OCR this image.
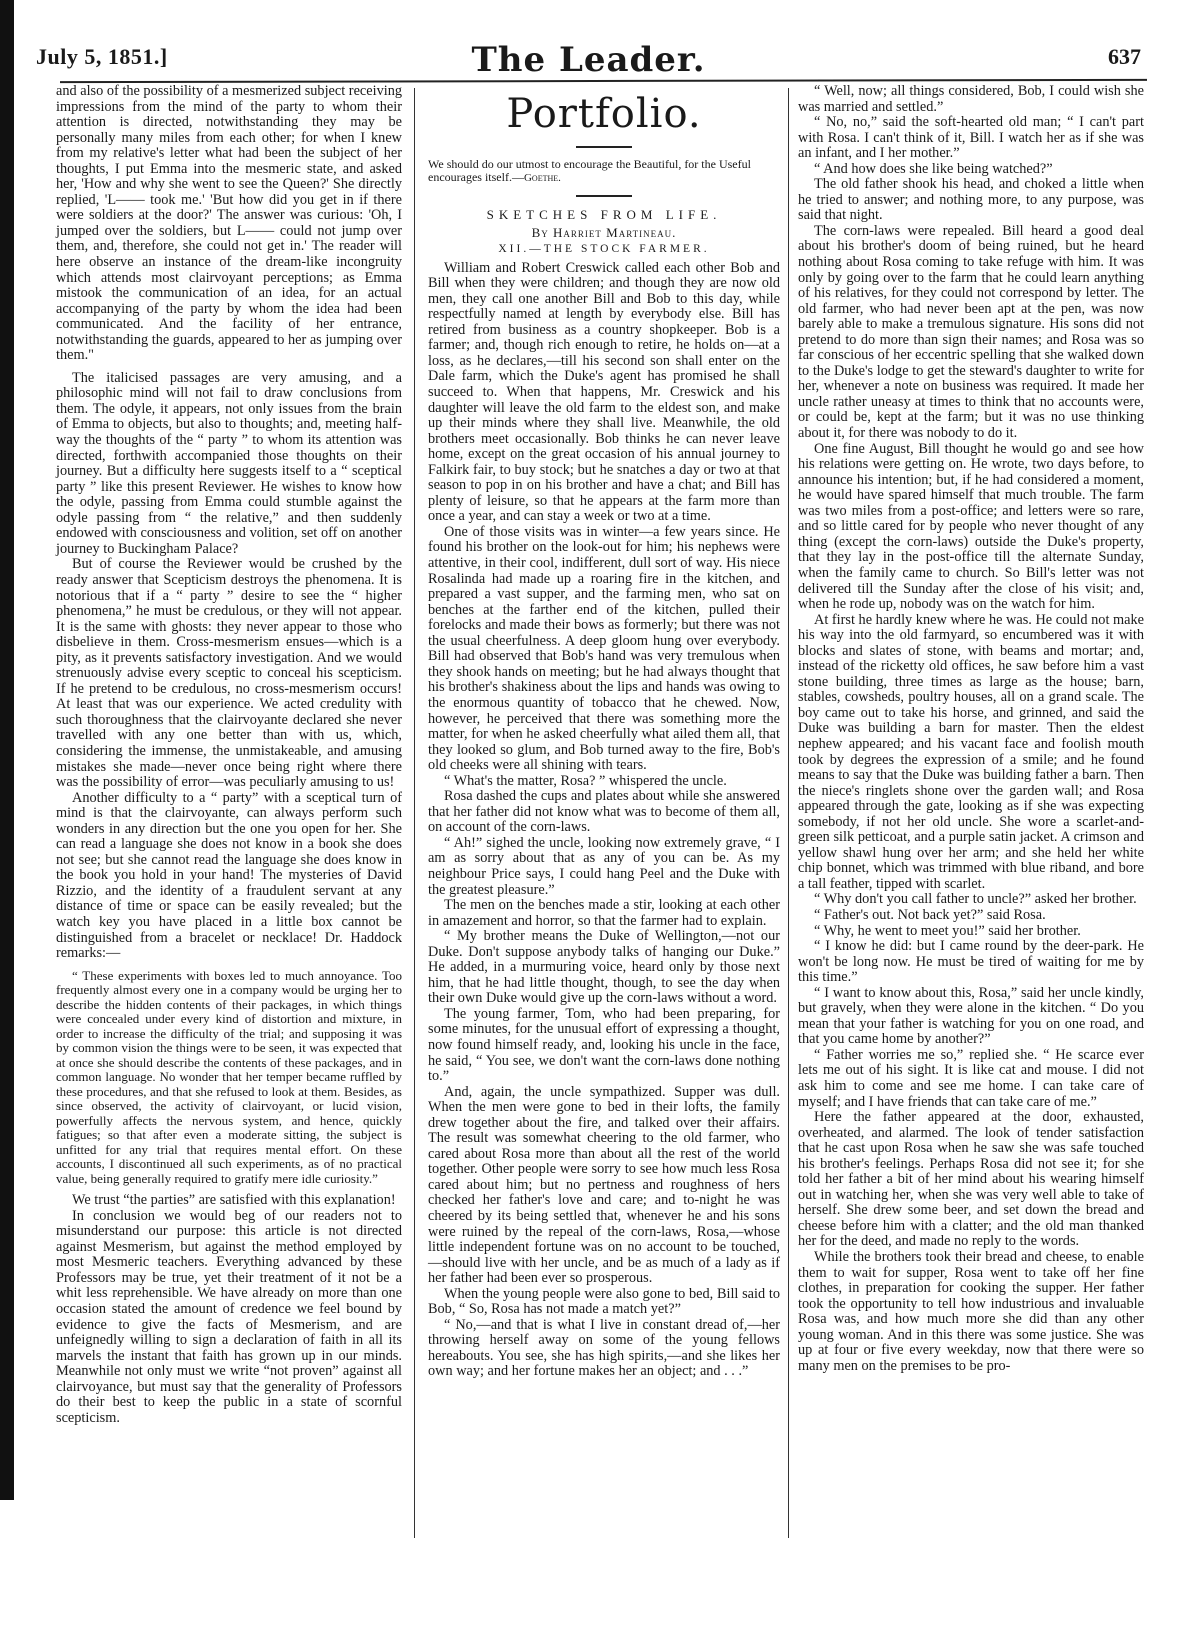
July 5, 1851.]	The Leader.	637

and also of the possibility of a mesmerized subject receiving impressions from the mind of the party to whom their attention is directed, notwithstanding they may be personally many miles from each other; for when I knew from my relative's letter what had been the subject of her thoughts, I put Emma into the mesmeric state, and asked her, 'How and why she went to see the Queen?' She directly replied, 'L—— took me.' 'But how did you get in if there were soldiers at the door?' The answer was curious: 'Oh, I jumped over the soldiers, but L—— could not jump over them, and, therefore, she could not get in.' The reader will here observe an instance of the dream-like incongruity which attends most clairvoyant perceptions; as Emma mistook the communication of an idea, for an actual accompanying of the party by whom the idea had been communicated. And the facility of her entrance, notwithstanding the guards, appeared to her as jumping over them."

The italicised passages are very amusing, and a philosophic mind will not fail to draw conclusions from them. The odyle, it appears, not only issues from the brain of Emma to objects, but also to thoughts; and, meeting half-way the thoughts of the “ party ” to whom its attention was directed, forthwith accompanied those thoughts on their journey. But a difficulty here suggests itself to a “ sceptical party ” like this present Reviewer. He wishes to know how the odyle, passing from Emma could stumble against the odyle passing from “ the relative,” and then suddenly endowed with consciousness and volition, set off on another journey to Buckingham Palace?

But of course the Reviewer would be crushed by the ready answer that Scepticism destroys the phenomena. It is notorious that if a “ party ” desire to see the “ higher phenomena,” he must be credulous, or they will not appear. It is the same with ghosts: they never appear to those who disbelieve in them. Cross-mesmerism ensues—which is a pity, as it prevents satisfactory investigation. And we would strenuously advise every sceptic to conceal his scepticism. If he pretend to be credulous, no cross-mesmerism occurs! At least that was our experience. We acted credulity with such thoroughness that the clairvoyante declared she never travelled with any one better than with us, which, considering the immense, the unmistakeable, and amusing mistakes she made—never once being right where there was the possibility of error—was peculiarly amusing to us!

Another difficulty to a “ party” with a sceptical turn of mind is that the clairvoyante, can always perform such wonders in any direction but the one you open for her. She can read a language she does not know in a book she does not see; but she cannot read the language she does know in the book you hold in your hand! The mysteries of David Rizzio, and the identity of a fraudulent servant at any distance of time or space can be easily revealed; but the watch key you have placed in a little box cannot be distinguished from a bracelet or necklace! Dr. Haddock remarks:—

“ These experiments with boxes led to much annoyance. Too frequently almost every one in a company would be urging her to describe the hidden contents of their packages, in which things were concealed under every kind of distortion and mixture, in order to increase the difficulty of the trial; and supposing it was by common vision the things were to be seen, it was expected that at once she should describe the contents of these packages, and in common language. No wonder that her temper became ruffled by these procedures, and that she refused to look at them. Besides, as since observed, the activity of clairvoyant, or lucid vision, powerfully affects the nervous system, and hence, quickly fatigues; so that after even a moderate sitting, the subject is unfitted for any trial that requires mental effort. On these accounts, I discontinued all such experiments, as of no practical value, being generally required to gratify mere idle curiosity.”

We trust “the parties” are satisfied with this explanation!

In conclusion we would beg of our readers not to misunderstand our purpose: this article is not directed against Mesmerism, but against the method employed by most Mesmeric teachers. Everything advanced by these Professors may be true, yet their treatment of it not be a whit less reprehensible. We have already on more than one occasion stated the amount of credence we feel bound by evidence to give the facts of Mesmerism, and are unfeignedly willing to sign a declaration of faith in all its marvels the instant that faith has grown up in our minds. Meanwhile not only must we write “not proven” against all clairvoyance, but must say that the generality of Professors do their best to keep the public in a state of scornful scepticism.

Portfolio.
We should do our utmost to encourage the Beautiful, for the Useful encourages itself.—Goethe.
SKETCHES FROM LIFE.
By Harriet Martineau.
XII.—THE STOCK FARMER.

William and Robert Creswick called each other Bob and Bill when they were children; and though they are now old men, they call one another Bill and Bob to this day, while respectfully named at length by everybody else. Bill has retired from business as a country shopkeeper. Bob is a farmer; and, though rich enough to retire, he holds on—at a loss, as he declares,—till his second son shall enter on the Dale farm, which the Duke's agent has promised he shall succeed to. When that happens, Mr. Creswick and his daughter will leave the old farm to the eldest son, and make up their minds where they shall live. Meanwhile, the old brothers meet occasionally. Bob thinks he can never leave home, except on the great occasion of his annual journey to Falkirk fair, to buy stock; but he snatches a day or two at that season to pop in on his brother and have a chat; and Bill has plenty of leisure, so that he appears at the farm more than once a year, and can stay a week or two at a time.

One of those visits was in winter—a few years since. He found his brother on the look-out for him; his nephews were attentive, in their cool, indifferent, dull sort of way. His niece Rosalinda had made up a roaring fire in the kitchen, and prepared a vast supper, and the farming men, who sat on benches at the farther end of the kitchen, pulled their forelocks and made their bows as formerly; but there was not the usual cheerfulness. A deep gloom hung over everybody. Bill had observed that Bob's hand was very tremulous when they shook hands on meeting; but he had always thought that his brother's shakiness about the lips and hands was owing to the enormous quantity of tobacco that he chewed. Now, however, he perceived that there was something more the matter, for when he asked cheerfully what ailed them all, that they looked so glum, and Bob turned away to the fire, Bob's old cheeks were all shining with tears.

“ What's the matter, Rosa? ” whispered the uncle.

Rosa dashed the cups and plates about while she answered that her father did not know what was to become of them all, on account of the corn-laws.

“ Ah!” sighed the uncle, looking now extremely grave, “ I am as sorry about that as any of you can be. As my neighbour Price says, I could hang Peel and the Duke with the greatest pleasure.”

The men on the benches made a stir, looking at each other in amazement and horror, so that the farmer had to explain.

“ My brother means the Duke of Wellington,—not our Duke. Don't suppose anybody talks of hanging our Duke.” He added, in a murmuring voice, heard only by those next him, that he had little thought, though, to see the day when their own Duke would give up the corn-laws without a word.

The young farmer, Tom, who had been preparing, for some minutes, for the unusual effort of expressing a thought, now found himself ready, and, looking his uncle in the face, he said, “ You see, we don't want the corn-laws done nothing to.”

And, again, the uncle sympathized. Supper was dull. When the men were gone to bed in their lofts, the family drew together about the fire, and talked over their affairs. The result was somewhat cheering to the old farmer, who cared about Rosa more than about all the rest of the world together. Other people were sorry to see how much less Rosa cared about him; but no pertness and roughness of hers checked her father's love and care; and to-night he was cheered by its being settled that, whenever he and his sons were ruined by the repeal of the corn-laws, Rosa,—whose little independent fortune was on no account to be touched,—should live with her uncle, and be as much of a lady as if her father had been ever so prosperous.

When the young people were also gone to bed, Bill said to Bob, “ So, Rosa has not made a match yet?”

“ No,—and that is what I live in constant dread of,—her throwing herself away on some of the young fellows hereabouts. You see, she has high spirits,—and she likes her own way; and her fortune makes her an object; and . . .”

“ Well, now; all things considered, Bob, I could wish she was married and settled.”

“ No, no,” said the soft-hearted old man; “ I can't part with Rosa. I can't think of it, Bill. I watch her as if she was an infant, and I her mother.”

“ And how does she like being watched?”

The old father shook his head, and choked a little when he tried to answer; and nothing more, to any purpose, was said that night.

The corn-laws were repealed. Bill heard a good deal about his brother's doom of being ruined, but he heard nothing about Rosa coming to take refuge with him. It was only by going over to the farm that he could learn anything of his relatives, for they could not correspond by letter. The old farmer, who had never been apt at the pen, was now barely able to make a tremulous signature. His sons did not pretend to do more than sign their names; and Rosa was so far conscious of her eccentric spelling that she walked down to the Duke's lodge to get the steward's daughter to write for her, whenever a note on business was required. It made her uncle rather uneasy at times to think that no accounts were, or could be, kept at the farm; but it was no use thinking about it, for there was nobody to do it.

One fine August, Bill thought he would go and see how his relations were getting on. He wrote, two days before, to announce his intention; but, if he had considered a moment, he would have spared himself that much trouble. The farm was two miles from a post-office; and letters were so rare, and so little cared for by people who never thought of any thing (except the corn-laws) outside the Duke's property, that they lay in the post-office till the alternate Sunday, when the family came to church. So Bill's letter was not delivered till the Sunday after the close of his visit; and, when he rode up, nobody was on the watch for him.

At first he hardly knew where he was. He could not make his way into the old farmyard, so encumbered was it with blocks and slates of stone, with beams and mortar; and, instead of the ricketty old offices, he saw before him a vast stone building, three times as large as the house; barn, stables, cowsheds, poultry houses, all on a grand scale. The boy came out to take his horse, and grinned, and said the Duke was building a barn for master. Then the eldest nephew appeared; and his vacant face and foolish mouth took by degrees the expression of a smile; and he found means to say that the Duke was building father a barn. Then the niece's ringlets shone over the garden wall; and Rosa appeared through the gate, looking as if she was expecting somebody, if not her old uncle. She wore a scarlet-and-green silk petticoat, and a purple satin jacket. A crimson and yellow shawl hung over her arm; and she held her white chip bonnet, which was trimmed with blue riband, and bore a tall feather, tipped with scarlet.

“ Why don't you call father to uncle?” asked her brother.

“ Father's out. Not back yet?” said Rosa.

“ Why, he went to meet you!” said her brother.

“ I know he did: but I came round by the deer-park. He won't be long now. He must be tired of waiting for me by this time.”

“ I want to know about this, Rosa,” said her uncle kindly, but gravely, when they were alone in the kitchen. “ Do you mean that your father is watching for you on one road, and that you came home by another?”

“ Father worries me so,” replied she. “ He scarce ever lets me out of his sight. It is like cat and mouse. I did not ask him to come and see me home. I can take care of myself; and I have friends that can take care of me.”

Here the father appeared at the door, exhausted, overheated, and alarmed. The look of tender satisfaction that he cast upon Rosa when he saw she was safe touched his brother's feelings. Perhaps Rosa did not see it; for she told her father a bit of her mind about his wearing himself out in watching her, when she was very well able to take of herself. She drew some beer, and set down the bread and cheese before him with a clatter; and the old man thanked her for the deed, and made no reply to the words.

While the brothers took their bread and cheese, to enable them to wait for supper, Rosa went to take off her fine clothes, in preparation for cooking the supper. Her father took the opportunity to tell how industrious and invaluable Rosa was, and how much more she did than any other young woman. And in this there was some justice. She was up at four or five every weekday, now that there were so many men on the premises to be pro-
